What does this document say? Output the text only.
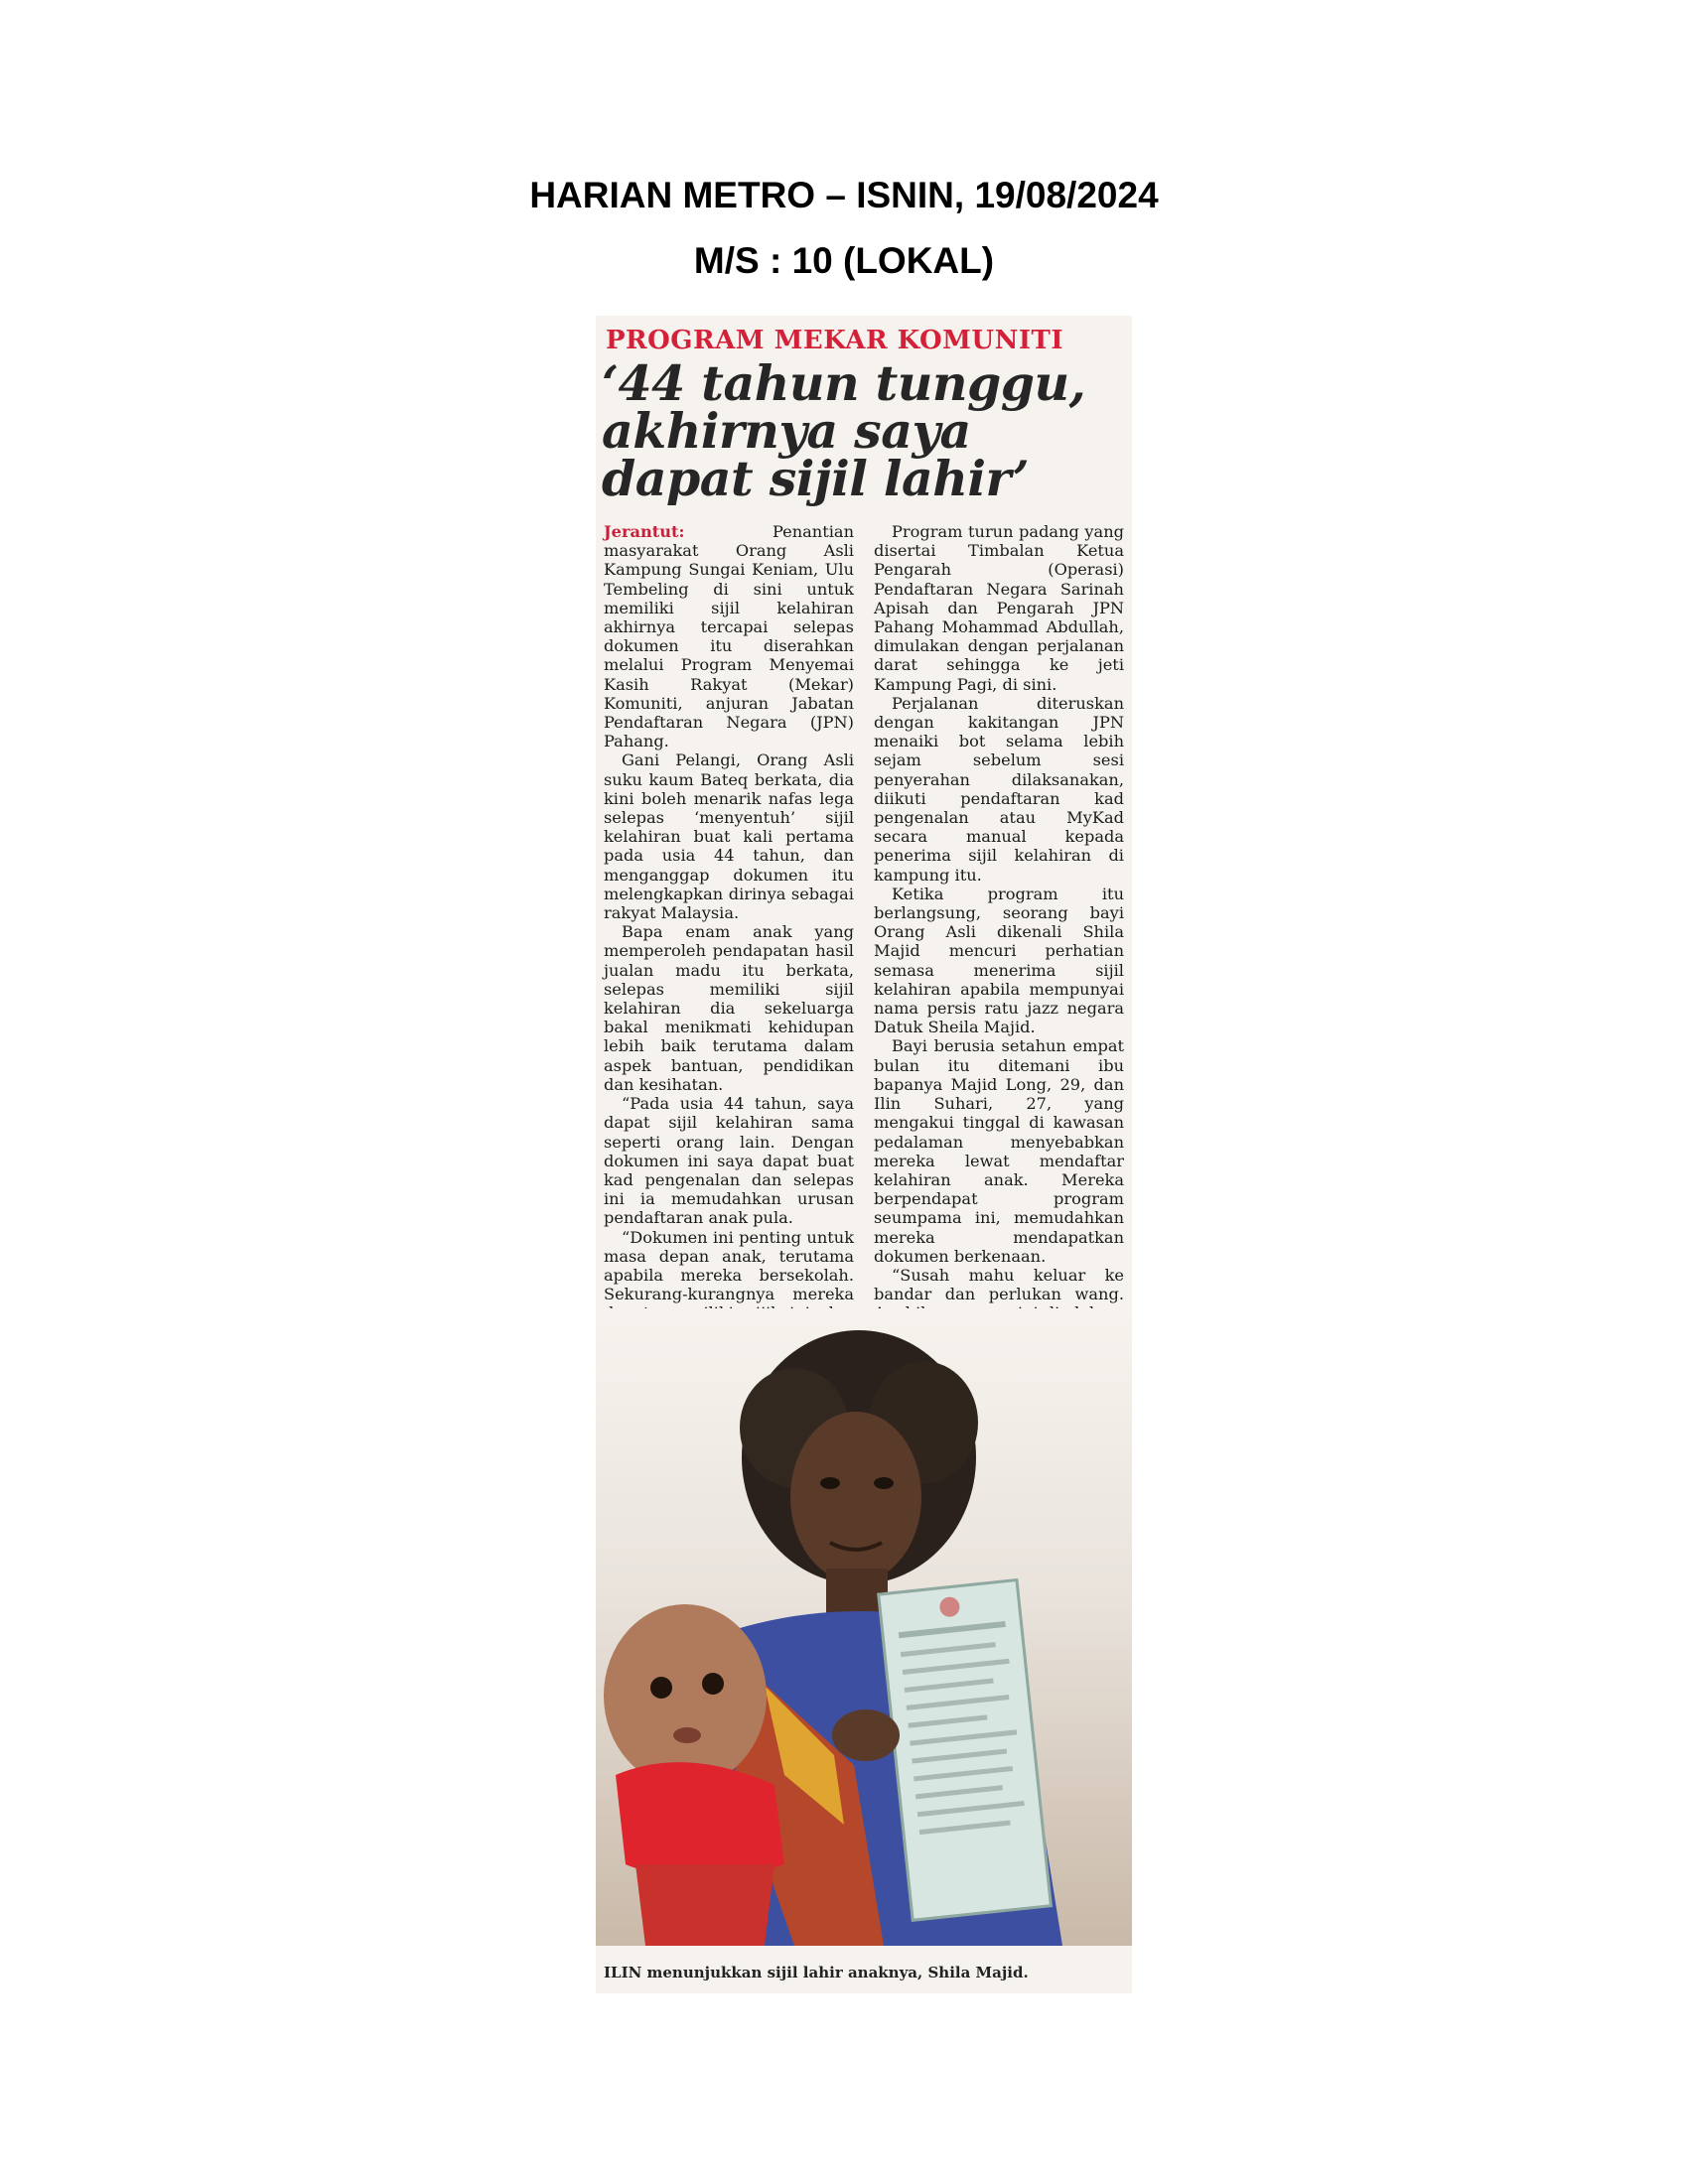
HARIAN METRO – ISNIN, 19/08/2024
M/S : 10 (LOKAL)
PROGRAM MEKAR KOMUNITI
‘44 tahun tunggu,
akhirnya saya
dapat sijil lahir’

Jerantut:	Penantian masyarakat Orang Asli Kampung Sungai Keniam, Ulu Tembeling di sini untuk memiliki sijil kelahiran akhirnya tercapai selepas dokumen itu diserahkan melalui Program Menyemai Kasih Rakyat (Mekar) Komuniti, anjuran Jabatan Pendaftaran Negara (JPN) Pahang.

Gani Pelangi, Orang Asli suku kaum Bateq berkata, dia kini boleh menarik nafas lega selepas ‘menyentuh’ sijil kelahiran buat kali pertama pada usia 44 tahun, dan menganggap dokumen itu melengkapkan dirinya sebagai rakyat Malaysia.

Bapa enam anak yang memperoleh pendapatan hasil jualan madu itu berkata, selepas memiliki sijil kelahiran dia sekeluarga bakal menikmati kehidupan lebih baik terutama dalam aspek bantuan, pendidikan dan kesihatan.

“Pada usia 44 tahun, saya dapat sijil kelahiran sama seperti orang lain. Dengan dokumen ini saya dapat buat kad pengenalan dan selepas ini ia memudahkan urusan pendaftaran anak pula.

“Dokumen ini penting untuk masa depan anak, terutama apabila mereka bersekolah. Sekurang-kurangnya mereka

Program turun padang yang disertai Timbalan Ketua Pengarah (Operasi) Pendaftaran Negara Sarinah Apisah dan Pengarah JPN Pahang Mohammad Abdullah, dimulakan dengan perjalanan darat sehingga ke jeti Kampung Pagi, di sini.

Perjalanan diteruskan dengan kakitangan JPN menaiki bot selama lebih sejam sebelum sesi penyerahan dilaksanakan, diikuti pendaftaran kad pengenalan atau MyKad secara manual kepada penerima sijil kelahiran di kampung itu.

Ketika program itu berlangsung, seorang bayi Orang Asli dikenali Shila Majid mencuri perhatian semasa menerima sijil kelahiran apabila mempunyai nama persis ratu jazz negara Datuk Sheila Majid.

Bayi berusia setahun empat bulan itu ditemani ibu bapanya Majid Long, 29, dan Ilin Suhari, 27, yang mengakui tinggal di kawasan pedalaman menyebabkan mereka lewat mendaftar kelahiran anak. Mereka berpendapat program seumpama ini, memudahkan mereka mendapatkan dokumen berkenaan.

“Susah mahu keluar ke bandar dan perlukan wang.

ILIN menunjukkan sijil lahir anaknya, Shila Majid.
